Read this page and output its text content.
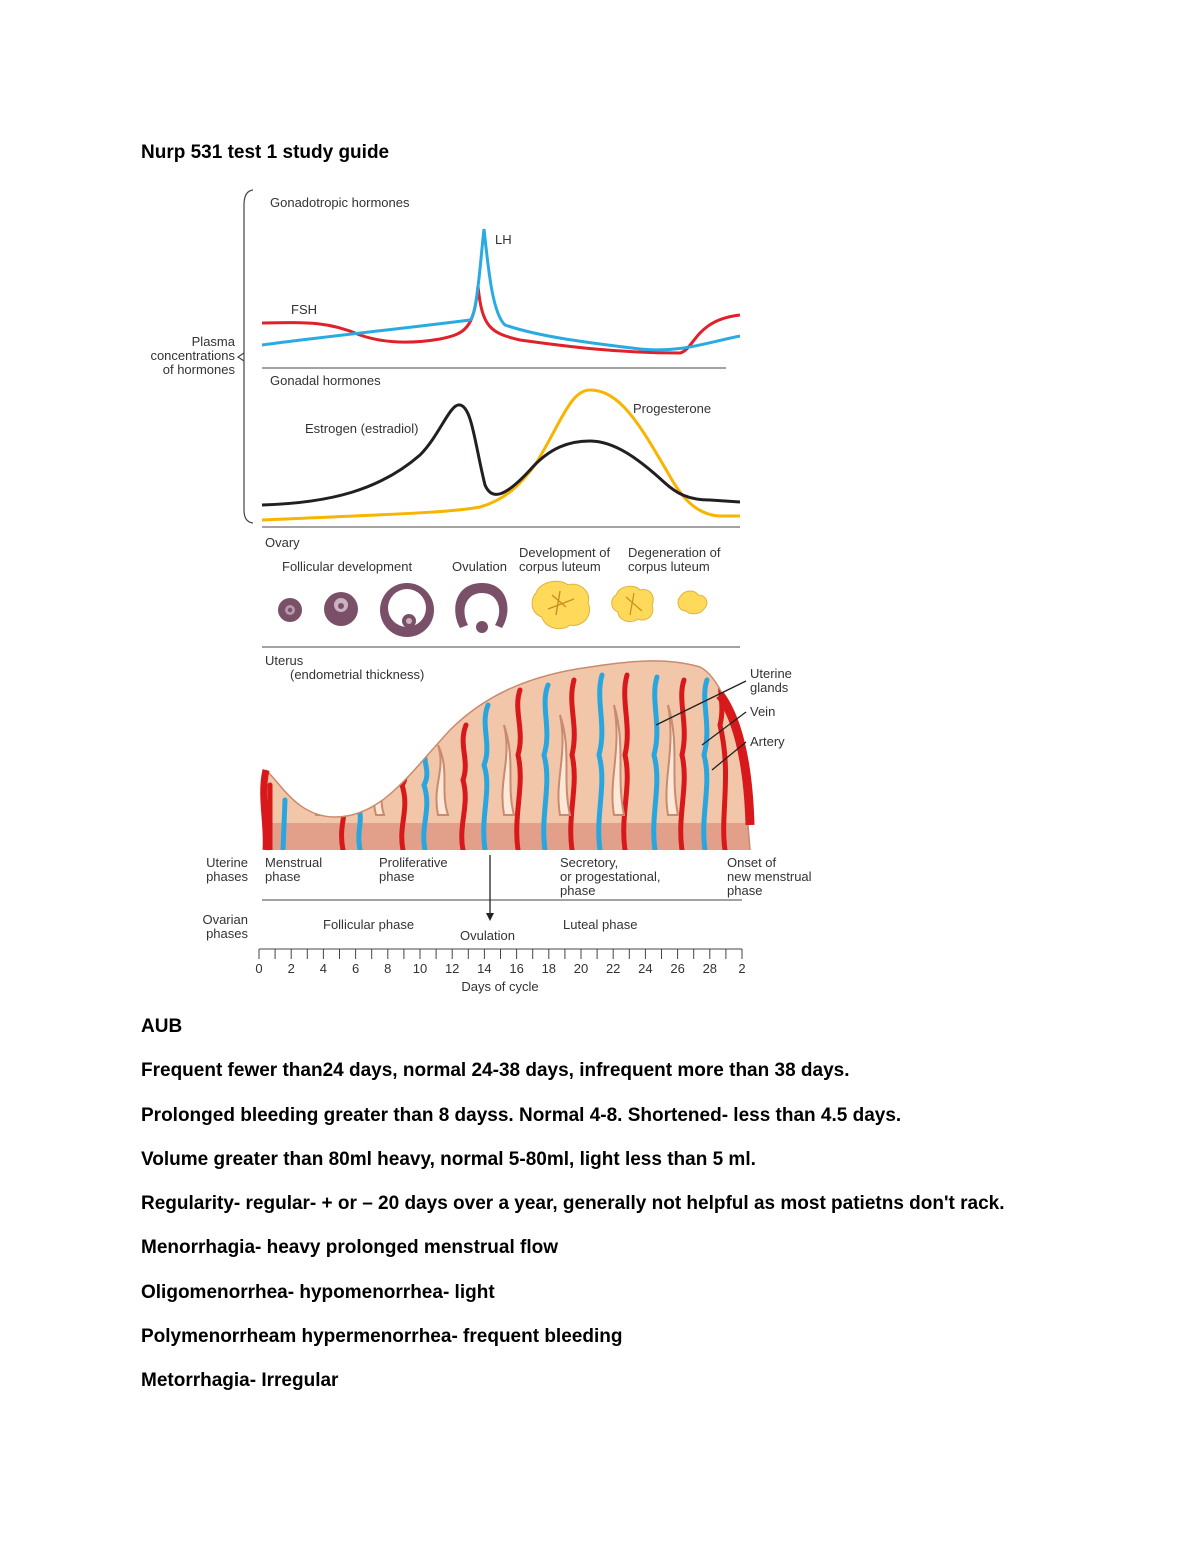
Nurp 531 test 1 study guide
Gonadotropic hormones
LH
FSH
Plasma
concentrations
of hormones
Gonadal hormones
Estrogen (estradiol)
Progesterone
Ovary
Follicular development	Ovulation
Development of
corpus luteum
Degeneration of
corpus luteum
Uterus
(endometrial thickness)	Uterine
glands
Vein
Artery
Uterine
phases
Menstrual
phase
Proliferative
phase
Secretory,
or progestational,
phase
Onset of
new menstrual
phase
Ovarian
phases
Follicular phase	Luteal phase
Ovulation
0 2 4 6 8 10 12 14 16 18 20 22 24 26 28 2
Days of cycle
AUB
Frequent fewer than24 days, normal 24-38 days, infrequent more than 38 days.
Prolonged bleeding greater than 8 dayss. Normal 4-8. Shortened- less than 4.5 days.
Volume greater than 80ml heavy, normal 5-80ml, light less than 5 ml.
Regularity- regular- + or – 20 days over a year, generally not helpful as most patietns don't rack.
Menorrhagia- heavy prolonged menstrual flow
Oligomenorrhea- hypomenorrhea- light
Polymenorrheam hypermenorrhea- frequent bleeding
Metorrhagia- Irregular
